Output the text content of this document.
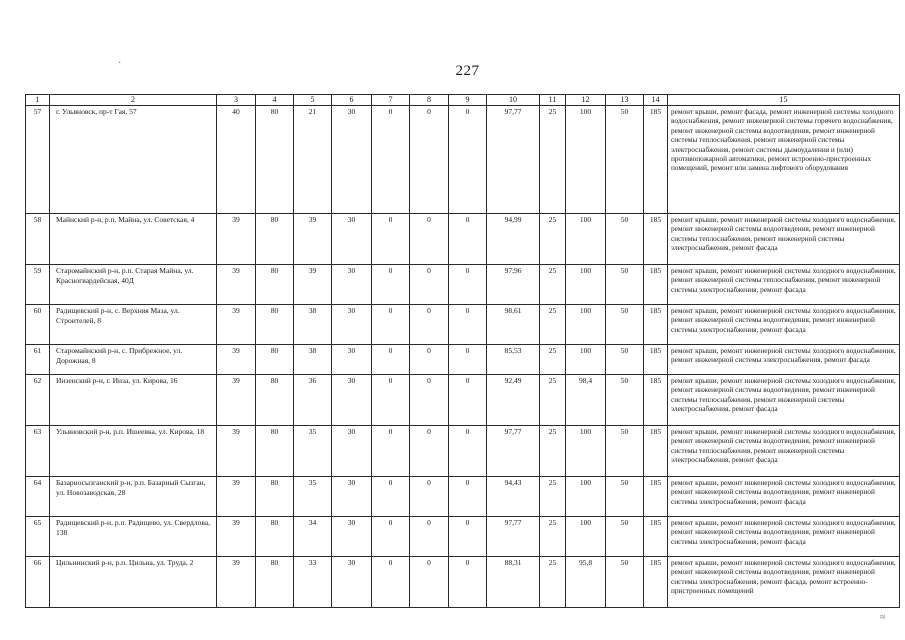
227
·
≈
1	2	3	4	5	6	7	8	9	10	11	12	13	14	15
57	г. Ульяновск, пр-т Гая, 57	40	80	21	30	0	0	0	97,77	25	100	50	185	ремонт крыши, ремонт фасада, ремонт инженерной системы холодного водоснабжения, ремонт инженерной системы горячего водоснабжения, ремонт инженерной системы водоотведения, ремонт инженерной системы теплоснабжения, ремонт инженерной системы электроснабжения, ремонт системы дымоудаления и (или) противопожарной автоматики, ремонт встроенно-пристроенных помещений, ремонт или замена лифтового оборудования
58	Майнский р-н, р.п. Майна, ул. Советская, 4	39	80	39	30	0	0	0	94,99	25	100	50	185	ремонт крыши, ремонт инженерной системы холодного водоснабжения, ремонт инженерной системы водоотведения, ремонт инженерной системы теплоснабжения, ремонт инженерной системы электроснабжения, ремонт фасада
59	Старомайнский р-н, р.п. Старая Майна, ул. Красногвардейская, 40Д	39	80	39	30	0	0	0	97,96	25	100	50	185	ремонт крыши, ремонт инженерной системы холодного водоснабжения, ремонт инженерной системы теплоснабжения, ремонт инженерной системы электроснабжения, ремонт фасада
60	Радищевский р-н, с. Верхняя Маза, ул. Строителей, 8	39	80	38	30	0	0	0	98,61	25	100	50	185	ремонт крыши, ремонт инженерной системы холодного водоснабжения, ремонт инженерной системы водоотведения, ремонт инженерной системы электроснабжения, ремонт фасада
61	Старомайнский р-н, с. Прибрежное, ул. Дорожная, 8	39	80	38	30	0	0	0	85,53	25	100	50	185	ремонт крыши, ремонт инженерной системы холодного водоснабжения, ремонт инженерной системы электроснабжения, ремонт фасада
62	Инзенский р-н, г. Инза, ул. Кирова, 16	39	80	36	30	0	0	0	92,49	25	98,4	50	185	ремонт крыши, ремонт инженерной системы холодного водоснабжения, ремонт инженерной системы водоотведения, ремонт инженерной системы теплоснабжения, ремонт инженерной системы электроснабжения, ремонт фасада
63	Ульяновский р-н, р.п. Ишеевка, ул. Кирова, 18	39	80	35	30	0	0	0	97,77	25	100	50	185	ремонт крыши, ремонт инженерной системы холодного водоснабжения, ремонт инженерной системы водоотведения, ремонт инженерной системы теплоснабжения, ремонт инженерной системы электроснабжения, ремонт фасада
64	Базарносызганский р-н, р.п. Базарный Сызган, ул. Новозаводская, 28	39	80	35	30	0	0	0	94,43	25	100	50	185	ремонт крыши, ремонт инженерной системы холодного водоснабжения, ремонт инженерной системы водоотведения, ремонт инженерной системы электроснабжения, ремонт фасада
65	Радищевский р-н, р.п. Радищево, ул. Свердлова, 138	39	80	34	30	0	0	0	97,77	25	100	50	185	ремонт крыши, ремонт инженерной системы холодного водоснабжения, ремонт инженерной системы водоотведения, ремонт инженерной системы электроснабжения, ремонт фасада
66	Цильнинский р-н, р.п. Цильна, ул. Труда, 2	39	80	33	30	0	0	0	88,31	25	95,8	50	185	ремонт крыши, ремонт инженерной системы холодного водоснабжения, ремонт инженерной системы водоотведения, ремонт инженерной системы электроснабжения, ремонт фасада, ремонт встроенно-пристроенных помещений
